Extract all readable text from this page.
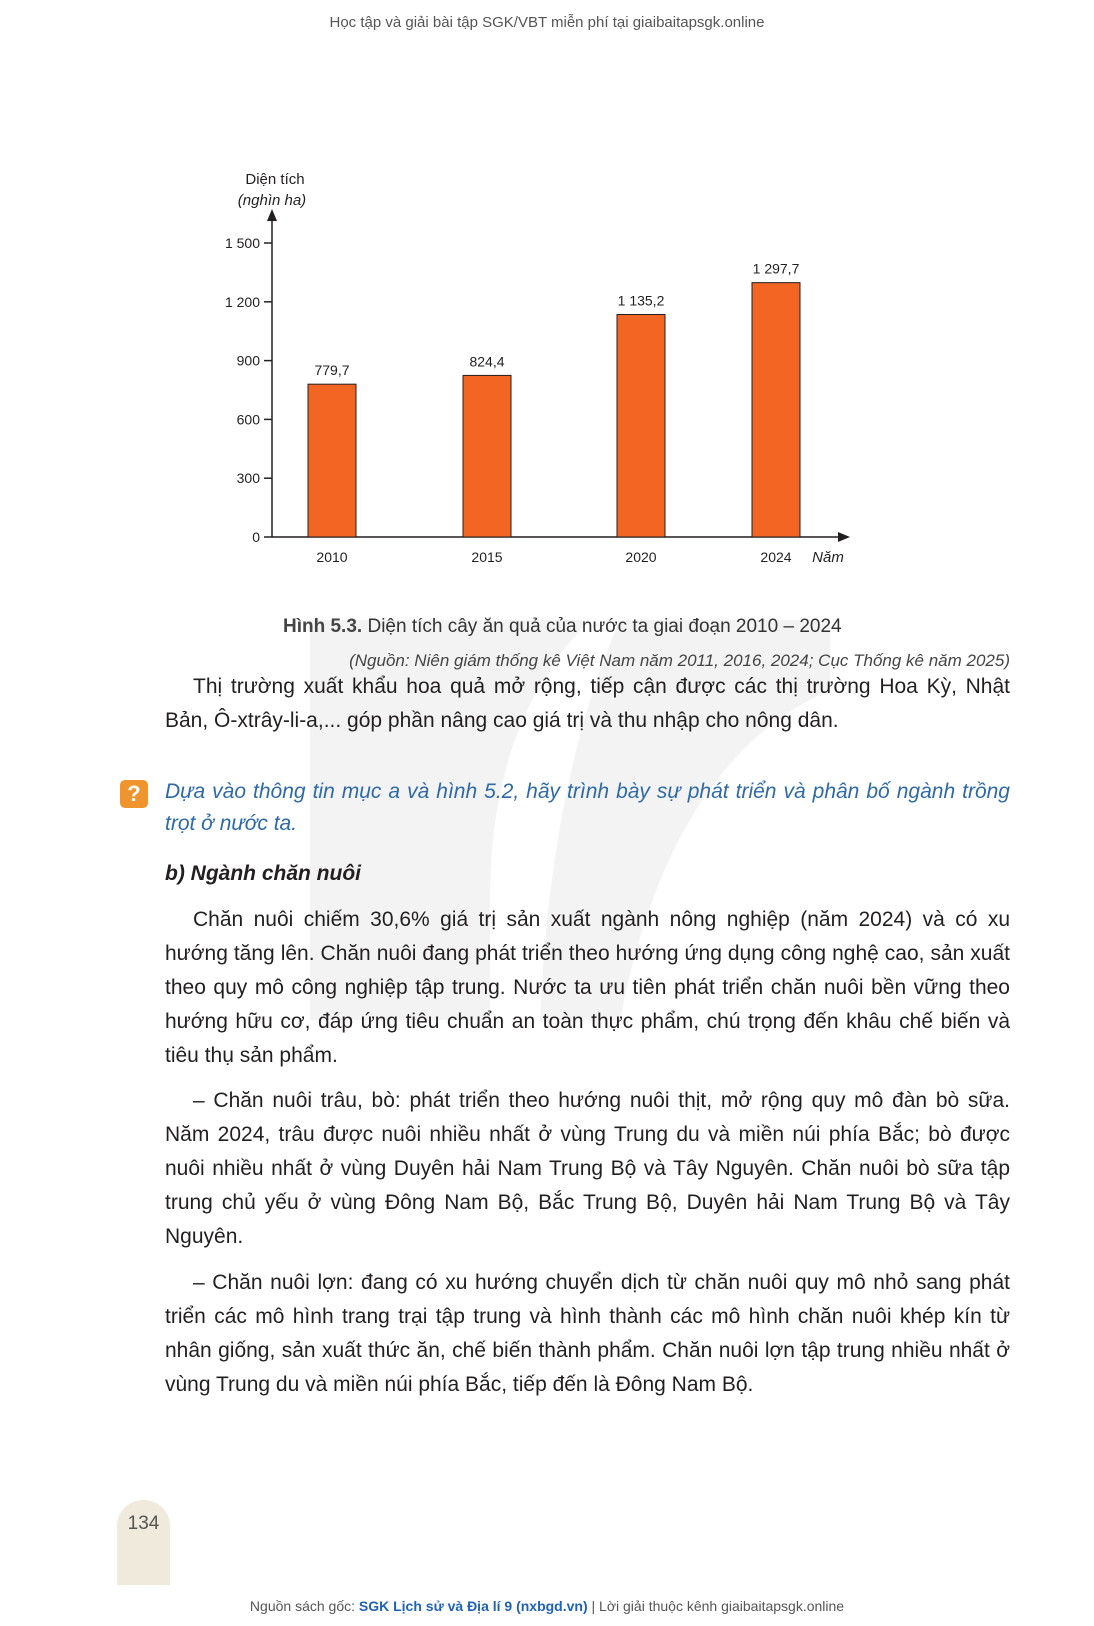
Học tập và giải bài tập SGK/VBT miễn phí tại giaibaitapsgk.online
Diện tích
(nghìn ha)
Năm
0
300
600
900
1 200
1 500
779,7
2010
824,4
2015
1 135,2
2020
1 297,7
2024
Hình 5.3. Diện tích cây ăn quả của nước ta giai đoạn 2010 – 2024
(Nguồn: Niên giám thống kê Việt Nam năm 2011, 2016, 2024; Cục Thống kê năm 2025)

Thị trường xuất khẩu hoa quả mở rộng, tiếp cận được các thị trường Hoa Kỳ, Nhật Bản, Ô-xtrây-li-a,... góp phần nâng cao giá trị và thu nhập cho nông dân.

?	Dựa vào thông tin mục a và hình 5.2, hãy trình bày sự phát triển và phân bố ngành trồng trọt ở nước ta.

b) Ngành chăn nuôi

Chăn nuôi chiếm 30,6% giá trị sản xuất ngành nông nghiệp (năm 2024) và có xu hướng tăng lên. Chăn nuôi đang phát triển theo hướng ứng dụng công nghệ cao, sản xuất theo quy mô công nghiệp tập trung. Nước ta ưu tiên phát triển chăn nuôi bền vững theo hướng hữu cơ, đáp ứng tiêu chuẩn an toàn thực phẩm, chú trọng đến khâu chế biến và tiêu thụ sản phẩm.

– Chăn nuôi trâu, bò: phát triển theo hướng nuôi thịt, mở rộng quy mô đàn bò sữa. Năm 2024, trâu được nuôi nhiều nhất ở vùng Trung du và miền núi phía Bắc; bò được nuôi nhiều nhất ở vùng Duyên hải Nam Trung Bộ và Tây Nguyên. Chăn nuôi bò sữa tập trung chủ yếu ở vùng Đông Nam Bộ, Bắc Trung Bộ, Duyên hải Nam Trung Bộ và Tây Nguyên.

– Chăn nuôi lợn: đang có xu hướng chuyển dịch từ chăn nuôi quy mô nhỏ sang phát triển các mô hình trang trại tập trung và hình thành các mô hình chăn nuôi khép kín từ nhân giống, sản xuất thức ăn, chế biến thành phẩm. Chăn nuôi lợn tập trung nhiều nhất ở vùng Trung du và miền núi phía Bắc, tiếp đến là Đông Nam Bộ.

134
Nguồn sách gốc: SGK Lịch sử và Địa lí 9 (nxbgd.vn) | Lời giải thuộc kênh giaibaitapsgk.online
